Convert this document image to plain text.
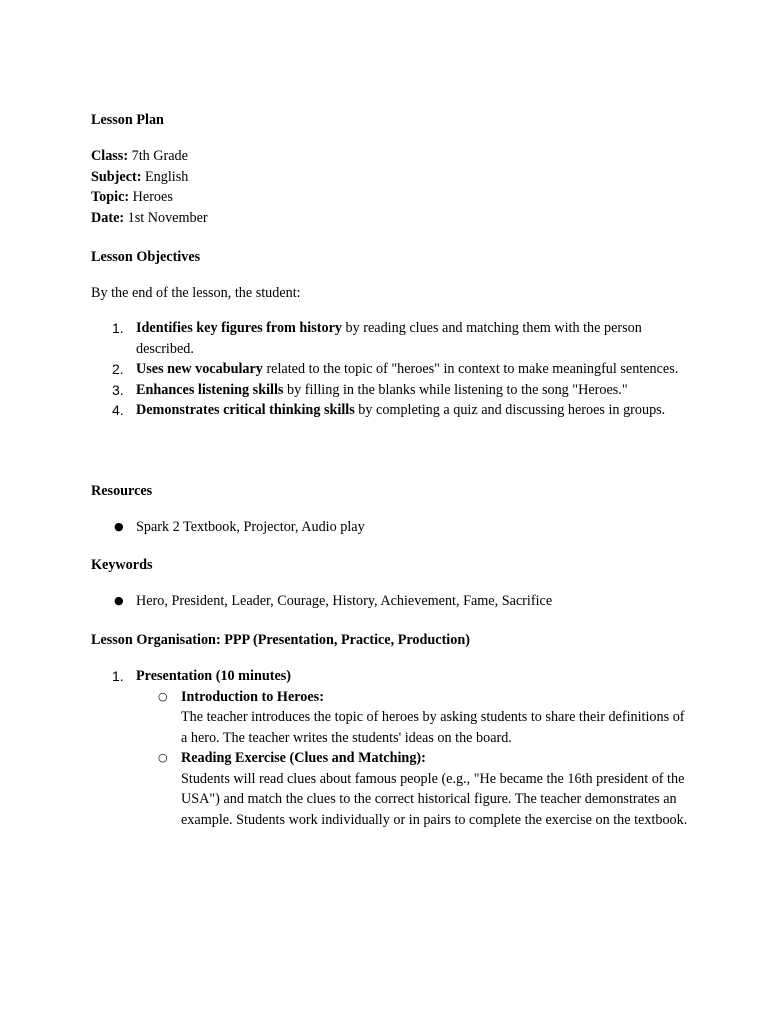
Lesson Plan
Class: 7th Grade
Subject: English
Topic: Heroes
Date: 1st November
Lesson Objectives
By the end of the lesson, the student:
1. Identifies key figures from history by reading clues and matching them with the person described.
2. Uses new vocabulary related to the topic of "heroes" in context to make meaningful sentences.
3. Enhances listening skills by filling in the blanks while listening to the song "Heroes."
4. Demonstrates critical thinking skills by completing a quiz and discussing heroes in groups.
Resources
● Spark 2 Textbook, Projector, Audio play
Keywords
● Hero, President, Leader, Courage, History, Achievement, Fame, Sacrifice
Lesson Organisation: PPP (Presentation, Practice, Production)
1. Presentation (10 minutes)
○ Introduction to Heroes:
The teacher introduces the topic of heroes by asking students to share their definitions of a hero. The teacher writes the students' ideas on the board.
○ Reading Exercise (Clues and Matching):
Students will read clues about famous people (e.g., "He became the 16th president of the USA") and match the clues to the correct historical figure. The teacher demonstrates an example. Students work individually or in pairs to complete the exercise on the textbook.
